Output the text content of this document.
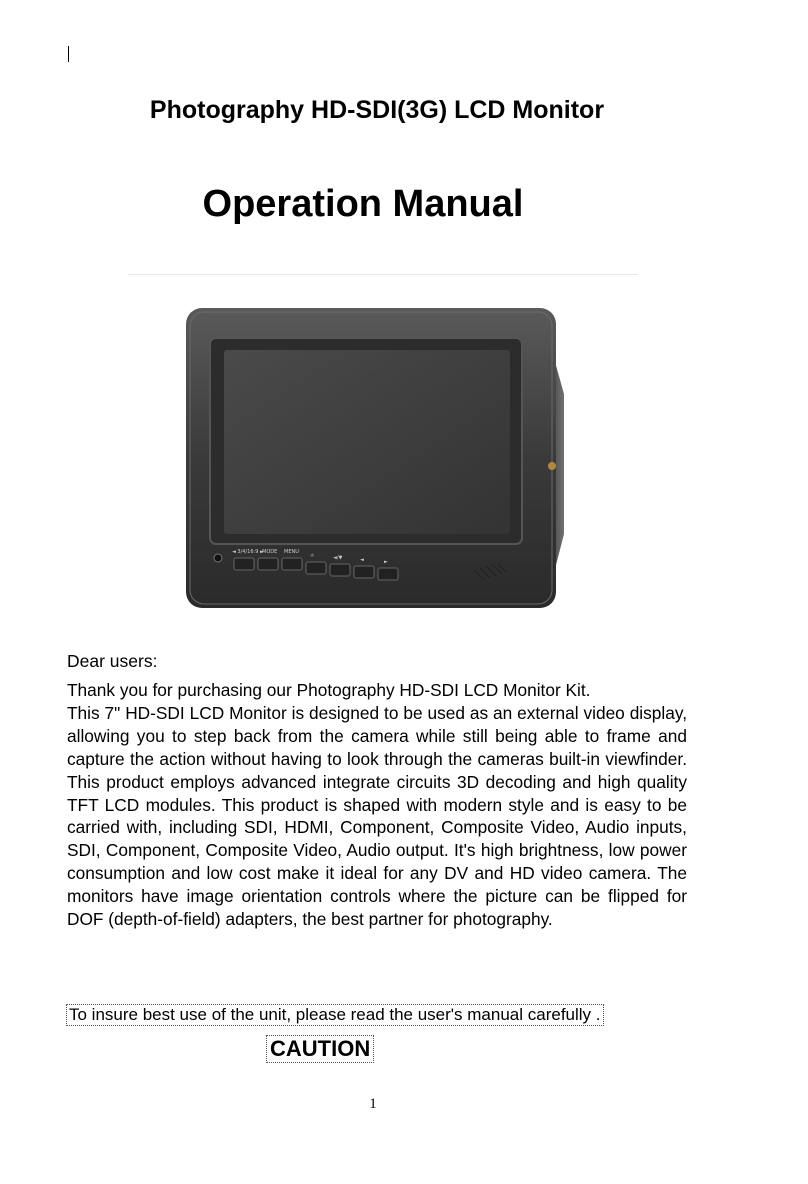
Photography HD-SDI(3G) LCD Monitor
Operation Manual
◄ 3/4/16:9 ►
MODE MENU
☼	◄/▼	◄	►
Dear users:

Thank you for purchasing our Photography HD-SDI LCD Monitor Kit.

This 7" HD-SDI LCD Monitor is designed to be used as an external video display, allowing you to step back from the camera while still being able to frame and capture the action without having to look through the cameras built-in viewfinder. This product employs advanced integrate circuits 3D decoding and high quality TFT LCD modules. This product is shaped with modern style and is easy to be carried with, including SDI, HDMI, Component, Composite Video, Audio inputs, SDI, Component, Composite Video, Audio output. It's high brightness, low power consumption and low cost make it ideal for any DV and HD video camera. The monitors have image orientation controls where the picture can be flipped for DOF (depth-of-field) adapters, the best partner for photography.

To insure best use of the unit, please read the user's manual carefully .
CAUTION
1
